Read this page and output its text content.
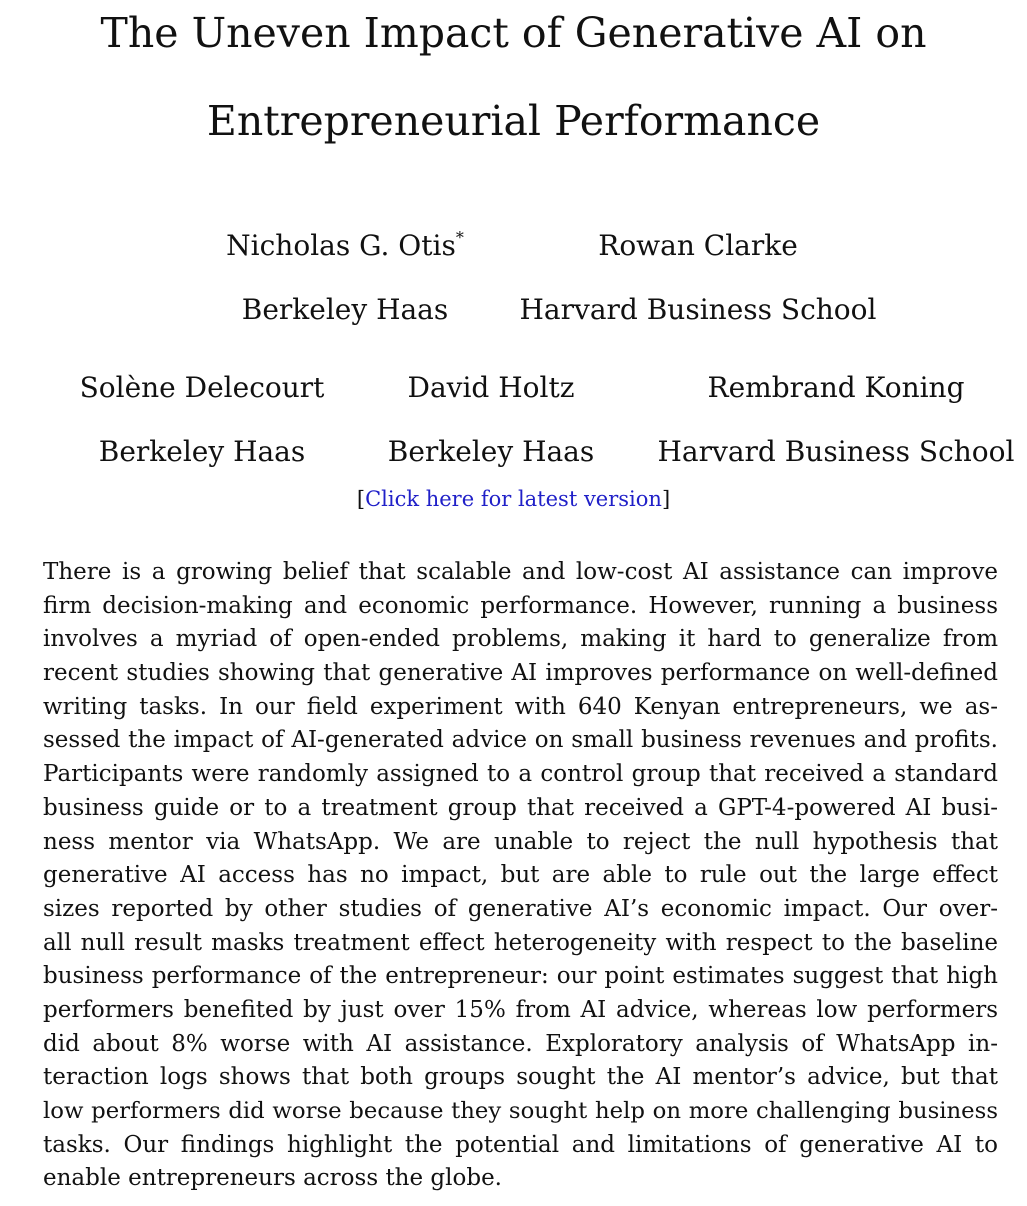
The Uneven Impact of Generative AI on
Entrepreneurial Performance
Nicholas G. Otis*	Rowan Clarke
Berkeley Haas	Harvard Business School
Solène Delecourt	David Holtz	Rembrand Koning
Berkeley Haas	Berkeley Haas	Harvard Business School
[Click here for latest version]
There is a growing belief that scalable and low-cost AI assistance can improve
firm decision-making and economic performance. However, running a business
involves a myriad of open-ended problems, making it hard to generalize from
recent studies showing that generative AI improves performance on well-defined
writing tasks. In our field experiment with 640 Kenyan entrepreneurs, we as-
sessed the impact of AI-generated advice on small business revenues and profits.
Participants were randomly assigned to a control group that received a standard
business guide or to a treatment group that received a GPT-4-powered AI busi-
ness mentor via WhatsApp. We are unable to reject the null hypothesis that
generative AI access has no impact, but are able to rule out the large effect
sizes reported by other studies of generative AI’s economic impact. Our over-
all null result masks treatment effect heterogeneity with respect to the baseline
business performance of the entrepreneur: our point estimates suggest that high
performers benefited by just over 15% from AI advice, whereas low performers
did about 8% worse with AI assistance. Exploratory analysis of WhatsApp in-
teraction logs shows that both groups sought the AI mentor’s advice, but that
low performers did worse because they sought help on more challenging business
tasks. Our findings highlight the potential and limitations of generative AI to
enable entrepreneurs across the globe.
